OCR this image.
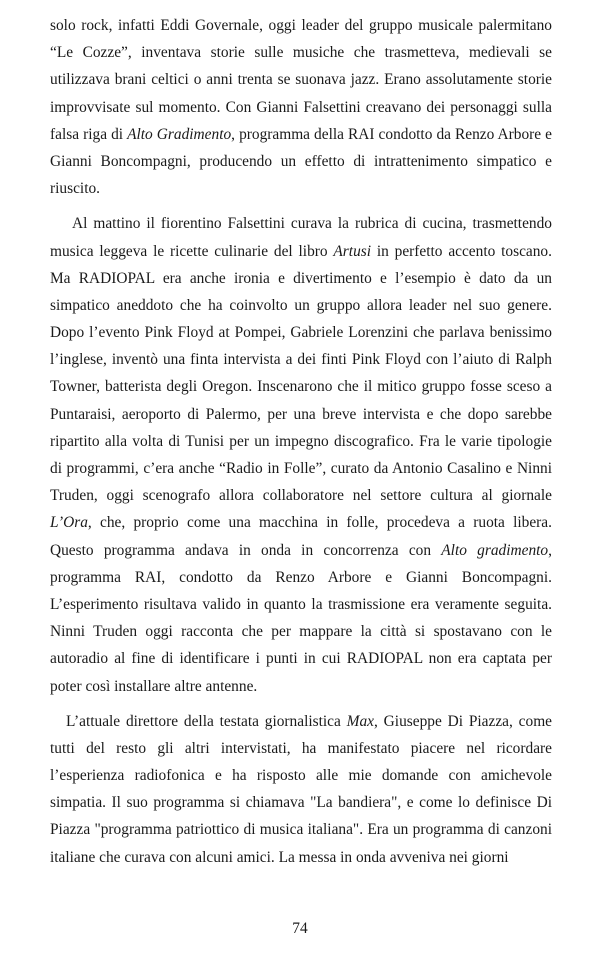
solo rock, infatti Eddi Governale, oggi leader del gruppo musicale palermitano
“Le Cozze”, inventava storie sulle musiche che trasmetteva, medievali se
utilizzava brani celtici o anni trenta se suonava jazz. Erano assolutamente storie
improvvisate sul momento. Con Gianni Falsettini creavano dei personaggi sulla
falsa riga di Alto Gradimento, programma della RAI condotto da Renzo Arbore e
Gianni Boncompagni, producendo un effetto di intrattenimento simpatico e
riuscito.
Al mattino il fiorentino Falsettini curava la rubrica di cucina, trasmettendo
musica leggeva le ricette culinarie del libro Artusi in perfetto accento toscano.
Ma RADIOPAL era anche ironia e divertimento e l’esempio è dato da un
simpatico aneddoto che ha coinvolto un gruppo allora leader nel suo genere.
Dopo l’evento Pink Floyd at Pompei, Gabriele Lorenzini che parlava benissimo
l’inglese, inventò una finta intervista a dei finti Pink Floyd con l’aiuto di Ralph
Towner, batterista degli Oregon. Inscenarono che il mitico gruppo fosse sceso a
Puntaraisi, aeroporto di Palermo, per una breve intervista e che dopo sarebbe
ripartito alla volta di Tunisi per un impegno discografico. Fra le varie tipologie
di programmi, c’era anche “Radio in Folle”, curato da Antonio Casalino e Ninni
Truden, oggi scenografo allora collaboratore nel settore cultura al giornale
L’Ora, che, proprio come una macchina in folle, procedeva a ruota libera.
Questo programma andava in onda in concorrenza con Alto gradimento,
programma RAI, condotto da Renzo Arbore e Gianni Boncompagni.
L’esperimento risultava valido in quanto la trasmissione era veramente seguita.
Ninni Truden oggi racconta che per mappare la città si spostavano con le
autoradio al fine di identificare i punti in cui RADIOPAL non era captata per
poter così installare altre antenne.
L’attuale direttore della testata giornalistica Max, Giuseppe Di Piazza, come
tutti del resto gli altri intervistati, ha manifestato piacere nel ricordare
l’esperienza radiofonica e ha risposto alle mie domande con amichevole
simpatia. Il suo programma si chiamava "La bandiera", e come lo definisce Di
Piazza "programma patriottico di musica italiana". Era un programma di canzoni
italiane che curava con alcuni amici. La messa in onda avveniva nei giorni
74
